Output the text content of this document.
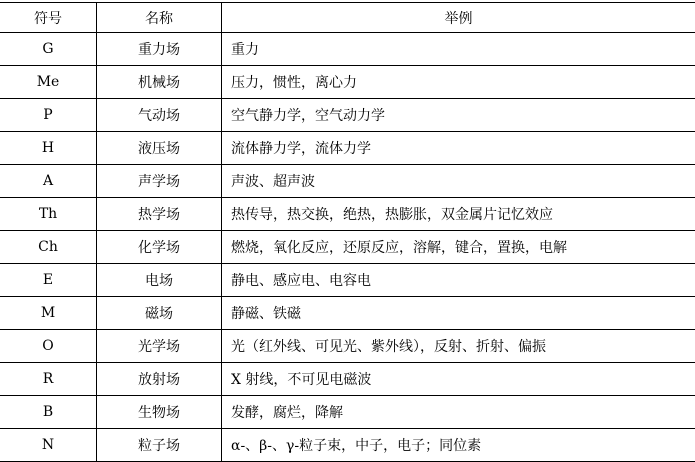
符号	名称	举例
G	重力场	重力
Me	机械场	压力，惯性，离心力
P	气动场	空气静力学，空气动力学
H	液压场	流体静力学，流体力学
A	声学场	声波、超声波
Th	热学场	热传导，热交换，绝热，热膨胀，双金属片记忆效应
Ch	化学场	燃烧，氧化反应，还原反应，溶解，键合，置换，电解
E	电场	静电、感应电、电容电
M	磁场	静磁、铁磁
O	光学场	光（红外线、可见光、紫外线），反射、折射、偏振
R	放射场	X 射线，不可见电磁波
B	生物场	发酵，腐烂，降解
N	粒子场	α-、β-、γ-粒子束，中子，电子；同位素
